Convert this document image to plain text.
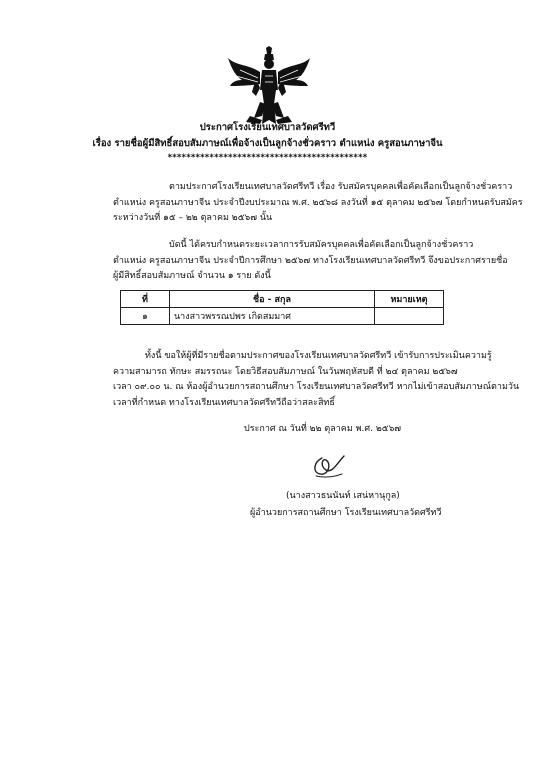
ประกาศโรงเรียนเทศบาลวัดศรีทวี
เรื่อง รายชื่อผู้มีสิทธิ์สอบสัมภาษณ์เพื่อจ้างเป็นลูกจ้างชั่วคราว ตำแหน่ง ครูสอนภาษาจีน
*******************************************

ตามประกาศโรงเรียนเทศบาลวัดศรีทวี เรื่อง รับสมัครบุคคลเพื่อคัดเลือกเป็นลูกจ้างชั่วคราว
ตำแหน่ง ครูสอนภาษาจีน ประจำปีงบประมาณ พ.ศ. ๒๕๖๘ ลงวันที่ ๑๕ ตุลาคม ๒๕๖๗ โดยกำหนดรับสมัคร
ระหว่างวันที่ ๑๕ – ๒๒ ตุลาคม ๒๕๖๗ นั้น

บัดนี้ ได้ครบกำหนดระยะเวลาการรับสมัครบุคคลเพื่อคัดเลือกเป็นลูกจ้างชั่วคราว
ตำแหน่ง ครูสอนภาษาจีน ประจำปีการศึกษา ๒๕๖๗ ทางโรงเรียนเทศบาลวัดศรีทวี จึงขอประกาศรายชื่อ
ผู้มีสิทธิ์สอบสัมภาษณ์ จำนวน ๑ ราย ดังนี้

ที่	ชื่อ - สกุล	หมายเหตุ
๑	นางสาวพรรณปพร เกิดสมมาศ	

ทั้งนี้ ขอให้ผู้ที่มีรายชื่อตามประกาศของโรงเรียนเทศบาลวัดศรีทวี เข้ารับการประเมินความรู้
ความสามารถ ทักษะ สมรรถนะ โดยวิธีสอบสัมภาษณ์ ในวันพฤหัสบดี ที่ ๒๔ ตุลาคม ๒๕๖๗
เวลา ๐๙.๐๐ น. ณ ห้องผู้อำนวยการสถานศึกษา โรงเรียนเทศบาลวัดศรีทวี หากไม่เข้าสอบสัมภาษณ์ตามวัน
เวลาที่กำหนด ทางโรงเรียนเทศบาลวัดศรีทวีถือว่าสละสิทธิ์

ประกาศ ณ วันที่ ๒๒ ตุลาคม พ.ศ. ๒๕๖๗
(นางสาวธนนันท์ เสน่หานุกูล)
ผู้อำนวยการสถานศึกษา โรงเรียนเทศบาลวัดศรีทวี
